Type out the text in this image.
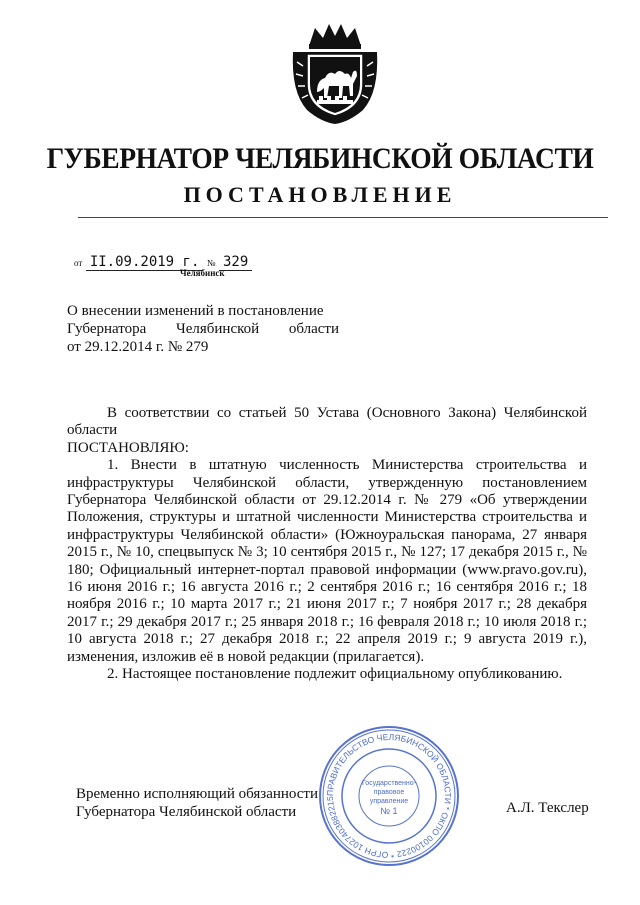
ГУБЕРНАТОР ЧЕЛЯБИНСКОЙ ОБЛАСТИ
ПОСТАНОВЛЕНИЕ
от II.09.2019 г. № 329
Челябинск
О внесении изменений в постановление
Губернатора Челябинской области
от 29.12.2014 г. № 279

В соответствии со статьей 50 Устава (Основного Закона) Челябинской

области

ПОСТАНОВЛЯЮ:

1. Внести в штатную численность Министерства строительства и инфраструктуры Челябинской области, утвержденную постановлением Губернатора Челябинской области от 29.12.2014 г. № 279 «Об утверждении Положения, структуры и штатной численности Министерства строительства и инфраструктуры Челябинской области» (Южноуральская панорама, 27 января 2015 г., № 10, спецвыпуск № 3; 10 сентября 2015 г., № 127; 17 декабря 2015 г., № 180; Официальный интернет-портал правовой информации (www.pravo.gov.ru), 16 июня 2016 г.; 16 августа 2016 г.; 2 сентября 2016 г.; 16 сентября 2016 г.; 18 ноября 2016 г.; 10 марта 2017 г.; 21 июня 2017 г.; 7 ноября 2017 г.; 28 декабря 2017 г.; 29 декабря 2017 г.; 25 января 2018 г.; 16 февраля 2018 г.; 10 июля 2018 г.; 10 августа 2018 г.; 27 декабря 2018 г.; 22 апреля 2019 г.; 9 августа 2019 г.), изменения, изложив её в новой редакции (прилагается).

2. Настоящее постановление подлежит официальному опубликованию.

Временно исполняющий обязанности
Губернатора Челябинской области	А.Л. Текслер
ПРАВИТЕЛЬСТВО ЧЕЛЯБИНСКОЙ ОБЛАСТИ * ОКПО 00100222 * ОГРН 1027403882215
Государственно-
правовое
управление
№ 1
